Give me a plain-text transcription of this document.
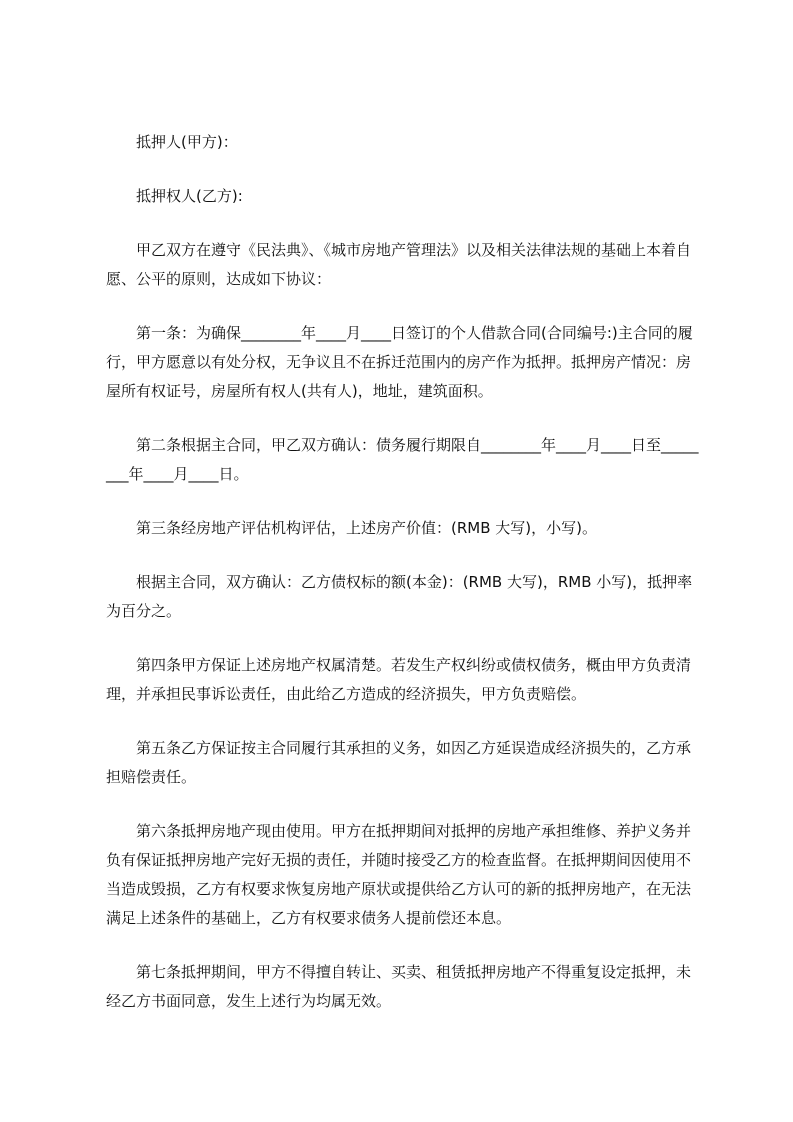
抵押人(甲方)：

抵押权人(乙方):

甲乙双方在遵守《民法典》、《城市房地产管理法》以及相关法律法规的基础上本着自愿、公平的原则，达成如下协议：

第一条：为确保________年____月____日签订的个人借款合同(合同编号:)主合同的履行，甲方愿意以有处分权，无争议且不在拆迁范围内的房产作为抵押。抵押房产情况：房屋所有权证号，房屋所有权人(共有人)，地址，建筑面积。

第二条根据主合同，甲乙双方确认：债务履行期限自________年____月____日至________年____月____日。

第三条经房地产评估机构评估，上述房产价值：(RMB 大写)，小写)。

根据主合同，双方确认：乙方债权标的额(本金)：(RMB 大写)，RMB 小写)，抵押率为百分之。

第四条甲方保证上述房地产权属清楚。若发生产权纠纷或债权债务，概由甲方负责清理，并承担民事诉讼责任，由此给乙方造成的经济损失，甲方负责赔偿。

第五条乙方保证按主合同履行其承担的义务，如因乙方延误造成经济损失的，乙方承担赔偿责任。

第六条抵押房地产现由使用。甲方在抵押期间对抵押的房地产承担维修、养护义务并负有保证抵押房地产完好无损的责任，并随时接受乙方的检查监督。在抵押期间因使用不当造成毁损，乙方有权要求恢复房地产原状或提供给乙方认可的新的抵押房地产，在无法满足上述条件的基础上，乙方有权要求债务人提前偿还本息。

第七条抵押期间，甲方不得擅自转让、买卖、租赁抵押房地产不得重复设定抵押，未经乙方书面同意，发生上述行为均属无效。
